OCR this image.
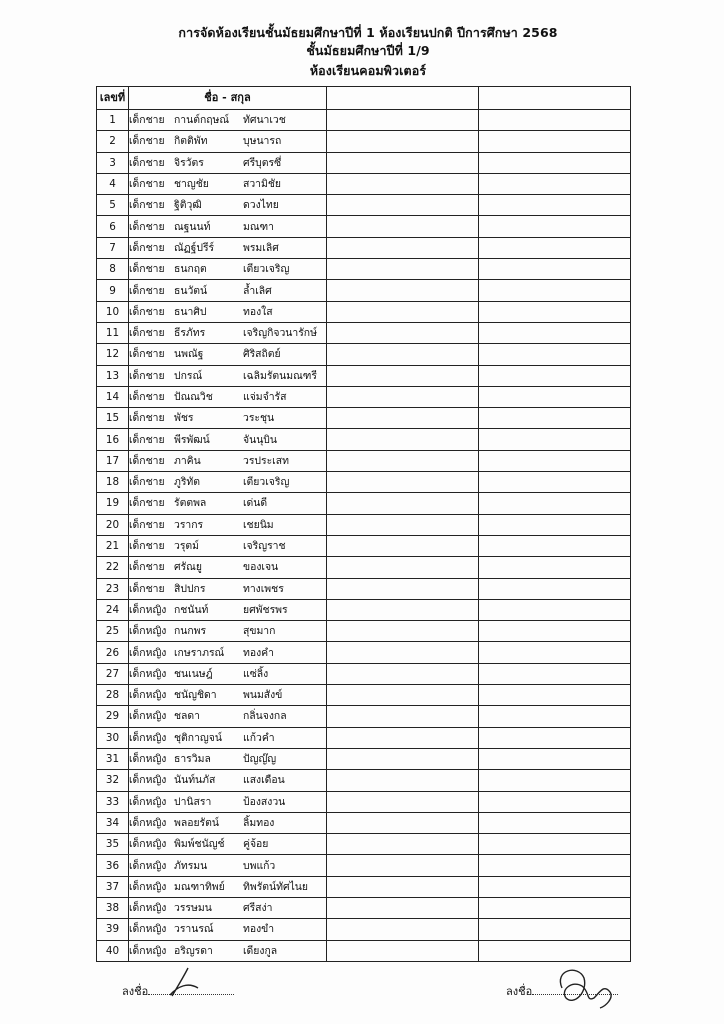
การจัดห้องเรียนชั้นมัธยมศึกษาปีที่ 1 ห้องเรียนปกติ ปีการศึกษา 2568
ชั้นมัธยมศึกษาปีที่ 1/9
ห้องเรียนคอมพิวเตอร์
เลขที่	ชื่อ - สกุล		
1	เด็กชาย กานต์กฤษณ์ ทัศนาเวช		
2	เด็กชาย กิตติพัท บุษนารถ		
3	เด็กชาย จิรวัตร ศรีบุตรซึ่		
4	เด็กชาย ชาญชัย สวามิชัย		
5	เด็กชาย ฐิติวุฒิ ดวงไทย		
6	เด็กชาย ณฐนนท์ มณฑา		
7	เด็กชาย ณัฏฐ์ปรีร์ พรมเลิศ		
8	เด็กชาย ธนกฤต เตียวเจริญ		
9	เด็กชาย ธนวัตน์ ล้ำเลิศ		
10	เด็กชาย ธนาศิป ทองใส		
11	เด็กชาย ธีรภัทร เจริญกิจวนารักษ์		
12	เด็กชาย นพณัฐ ศิริสถิตย์		
13	เด็กชาย ปกรณ์ เฉลิมรัตนมณฑรี		
14	เด็กชาย ปัณณวิช แจ่มจำรัส		
15	เด็กชาย พัชร วระชุน		
16	เด็กชาย พีรพัฒน์ จันนุบิน		
17	เด็กชาย ภาคิน วรประเสท		
18	เด็กชาย ภูริทัต เตียวเจริญ		
19	เด็กชาย รัตตพล เด่นดี		
20	เด็กชาย วรากร เชยนิม		
21	เด็กชาย วรุตม์ เจริญราช		
22	เด็กชาย ศรัณยู ของเจน		
23	เด็กชาย สิปปกร ทางเพชร		
24	เด็กหญิง กชนันท์ ยศพัชรพร		
25	เด็กหญิง กนกพร สุขมาก		
26	เด็กหญิง เกษราภรณ์ ทองคำ		
27	เด็กหญิง ชนเนษฎ์ แซ่ลิ้ง		
28	เด็กหญิง ชนัญชิดา พนมสังข์		
29	เด็กหญิง ชลดา กลิ่นจงกล		
30	เด็กหญิง ชุติกาญจน์ แก้วคำ		
31	เด็กหญิง ธารวิมล ปัญญ๊ญ		
32	เด็กหญิง นันท์นภัส แสงเดือน		
33	เด็กหญิง ปานิสรา ป้องสงวน		
34	เด็กหญิง พลอยรัตน์ ลิ้มทอง		
35	เด็กหญิง พิมพ์ชนัญช์ คู่จ้อย		
36	เด็กหญิง ภัทรมน บพแก้ว		
37	เด็กหญิง มณฑาทิพย์ ทิพรัตน์ทัศไนย		
38	เด็กหญิง วรรษมน ศรีสง่า		
39	เด็กหญิง วรานรณ์ ทองขำ		
40	เด็กหญิง อริญรดา เดียงกูล		
ลงชื่อ	ลงชื่อ
